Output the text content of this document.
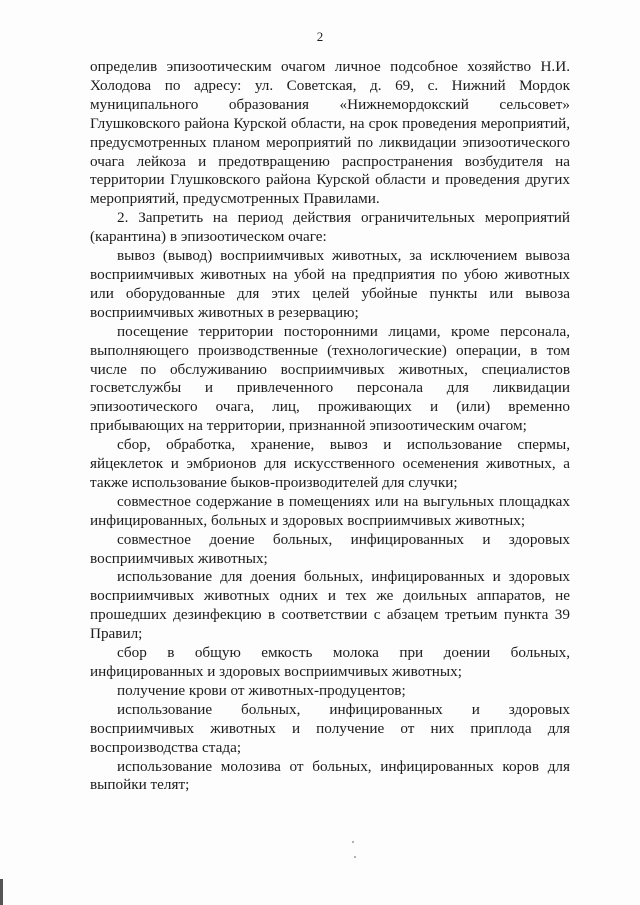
2

определив эпизоотическим очагом личное подсобное хозяйство Н.И. Холодова по адресу: ул. Советская, д. 69, с. Нижний Мордок муниципального образования «Нижнемордокский сельсовет» Глушковского района Курской области, на срок проведения мероприятий, предусмотренных планом мероприятий по ликвидации эпизоотического очага лейкоза и предотвращению распространения возбудителя на территории Глушковского района Курской области и проведения других мероприятий, предусмотренных Правилами.

2. Запретить на период действия ограничительных мероприятий (карантина) в эпизоотическом очаге:

вывоз (вывод) восприимчивых животных, за исключением вывоза восприимчивых животных на убой на предприятия по убою животных или оборудованные для этих целей убойные пункты или вывоза восприимчивых животных в резервацию;

посещение территории посторонними лицами, кроме персонала, выполняющего производственные (технологические) операции, в том числе по обслуживанию восприимчивых животных, специалистов госветслужбы и привлеченного персонала для ликвидации эпизоотического очага, лиц, проживающих и (или) временно прибывающих на территории, признанной эпизоотическим очагом;

сбор, обработка, хранение, вывоз и использование спермы, яйцеклеток и эмбрионов для искусственного осеменения животных, а также использование быков-производителей для случки;

совместное содержание в помещениях или на выгульных площадках инфицированных, больных и здоровых восприимчивых животных;

совместное доение больных, инфицированных и здоровых восприимчивых животных;

использование для доения больных, инфицированных и здоровых восприимчивых животных одних и тех же доильных аппаратов, не прошедших дезинфекцию в соответствии с абзацем третьим пункта 39 Правил;

сбор в общую емкость молока при доении больных, инфицированных и здоровых восприимчивых животных;

получение крови от животных-продуцентов;

использование больных, инфицированных и здоровых восприимчивых животных и получение от них приплода для воспроизводства стада;

использование молозива от больных, инфицированных коров для выпойки телят;
